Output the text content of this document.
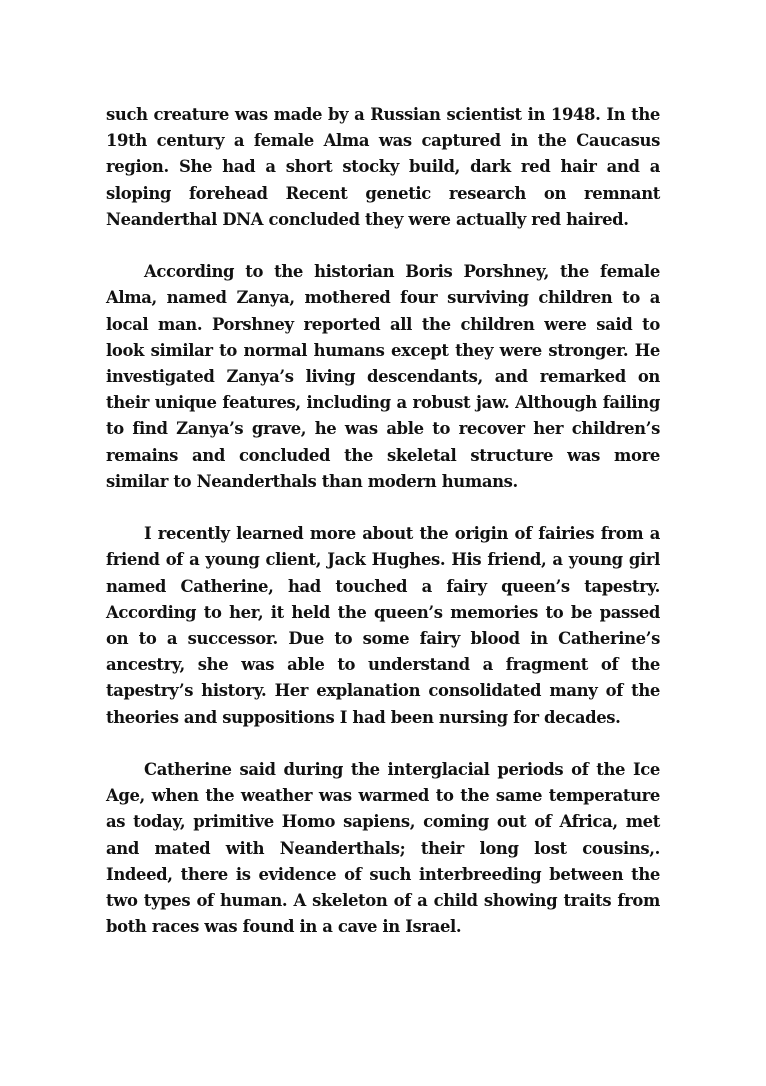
such creature was made by a Russian scientist in 1948. In the 19th century a female Alma was captured in the Caucasus region. She had a short stocky build, dark red hair and a sloping forehead Recent genetic research on remnant Neanderthal DNA concluded they were actually red haired.

According to the historian Boris Porshney, the female Alma, named Zanya, mothered four surviving children to a local man. Porshney reported all the children were said to look similar to normal humans except they were stronger. He investigated Zanya’s living descendants, and remarked on their unique features, including a robust jaw. Although failing to find Zanya’s grave, he was able to recover her children’s remains and concluded the skeletal structure was more similar to Neanderthals than modern humans.

I recently learned more about the origin of fairies from a friend of a young client, Jack Hughes. His friend, a young girl named Catherine, had touched a fairy queen’s tapestry. According to her, it held the queen’s memories to be passed on to a successor. Due to some fairy blood in Catherine’s ancestry, she was able to understand a fragment of the tapestry’s history. Her explanation consolidated many of the theories and suppositions I had been nursing for decades.

Catherine said during the interglacial periods of the Ice Age, when the weather was warmed to the same temperature as today, primitive Homo sapiens, coming out of Africa, met and mated with Neanderthals; their long lost cousins,. Indeed, there is evidence of such interbreeding between the two types of human. A skeleton of a child showing traits from both races was found in a cave in Israel.
